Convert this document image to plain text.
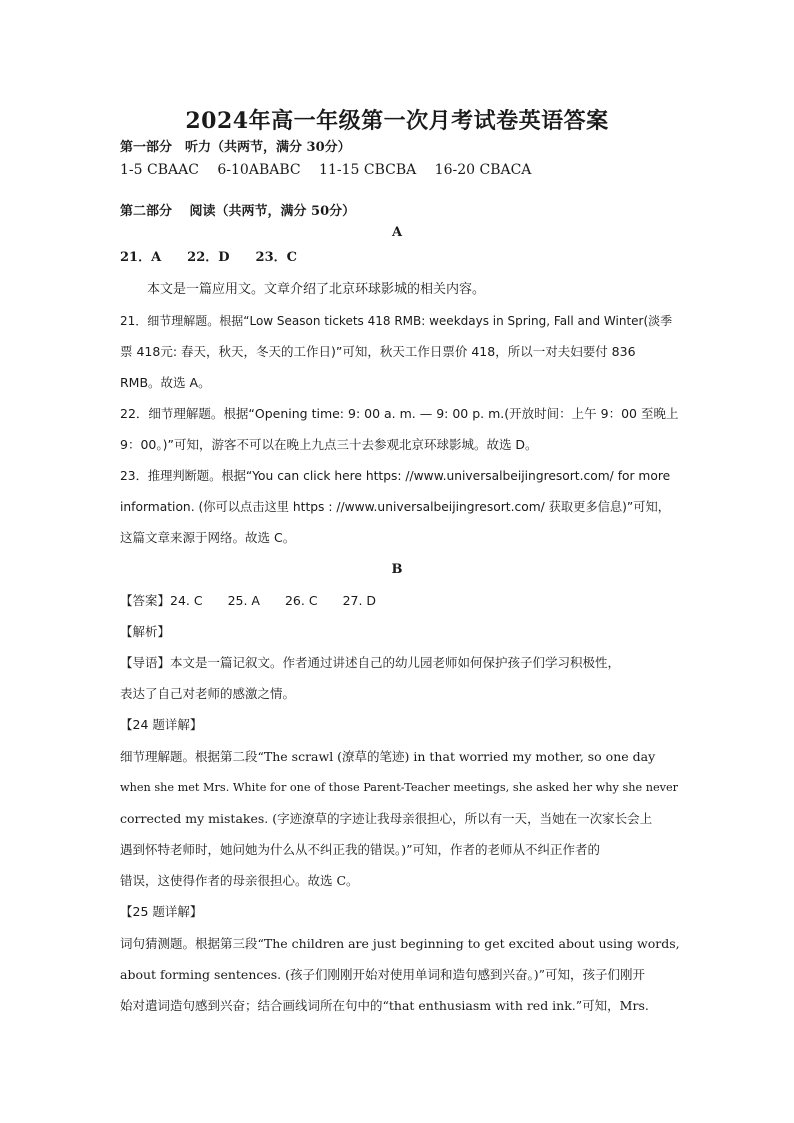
2024年高一年级第一次月考试卷英语答案
第一部分　听力（共两节，满分 30分）
1-5 CBAAC　 6-10ABABC　 11-15 CBCBA　 16-20 CBACA
第二部分　 阅读（共两节，满分 50分）
A
21．A　　22．D　　23．C
本文是一篇应用文。文章介绍了北京环球影城的相关内容。
21．细节理解题。根据“Low Season tickets 418 RMB: weekdays in Spring, Fall and Winter(淡季
票 418元: 春天，秋天，冬天的工作日)”可知，秋天工作日票价 418，所以一对夫妇要付 836
RMB。故选 A。
22．细节理解题。根据“Opening time: 9: 00 a. m. — 9: 00 p. m.(开放时间：上午 9：00 至晚上
9：00。)”可知，游客不可以在晚上九点三十去参观北京环球影城。故选 D。
23．推理判断题。根据“You can click here https: //www.universalbeijingresort.com/ for more
information. (你可以点击这里 https : //www.universalbeijingresort.com/ 获取更多信息)”可知，
这篇文章来源于网络。故选 C。
B
【答案】24. C　　25. A　　26. C　　27. D
【解析】
【导语】本文是一篇记叙文。作者通过讲述自己的幼儿园老师如何保护孩子们学习积极性，
表达了自己对老师的感激之情。
【24 题详解】
细节理解题。根据第二段“The scrawl (潦草的笔迹) in that worried my mother, so one day
when she met Mrs. White for one of those Parent-Teacher meetings, she asked her why she never
corrected my mistakes. (字迹潦草的字迹让我母亲很担心，所以有一天，当她在一次家长会上
遇到怀特老师时，她问她为什么从不纠正我的错误。)”可知，作者的老师从不纠正作者的
错误，这使得作者的母亲很担心。故选 C。
【25 题详解】
词句猜测题。根据第三段“The children are just beginning to get excited about using words,
about forming sentences. (孩子们刚刚开始对使用单词和造句感到兴奋。)”可知，孩子们刚开
始对遣词造句感到兴奋；结合画线词所在句中的“that enthusiasm with red ink.”可知，Mrs.
